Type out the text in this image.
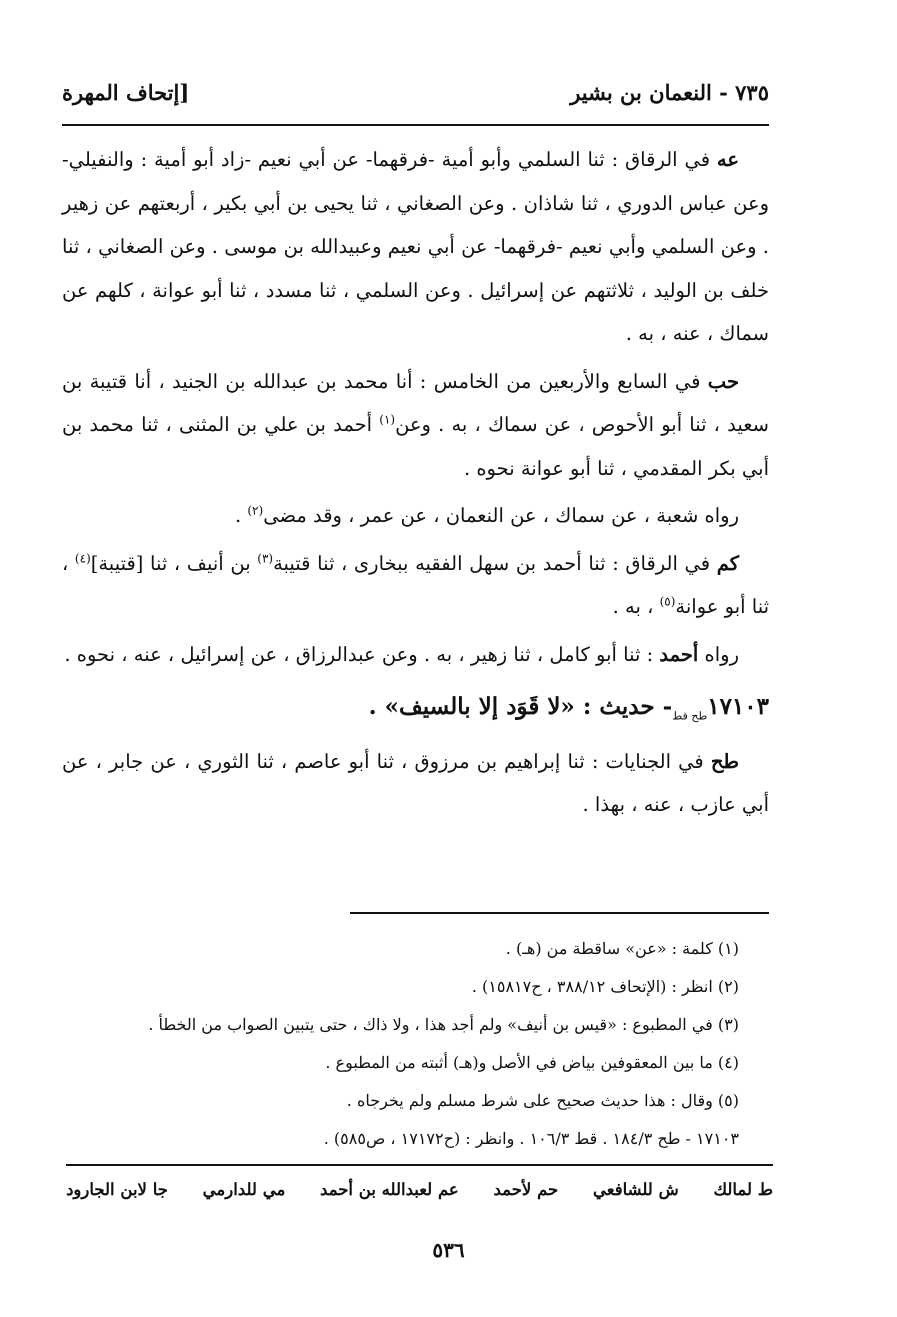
٧٣٥ - النعمان بن بشير
[إتحاف المهرة

عه في الرقاق : ثنا السلمي وأبو أمية -فرقهما- عن أبي نعيم -زاد أبو أمية : والنفيلي- وعن عباس الدوري ، ثنا شاذان . وعن الصغاني ، ثنا يحيى بن أبي بكير ، أربعتهم عن زهير . وعن السلمي وأبي نعيم -فرقهما- عن أبي نعيم وعبيدالله بن موسى . وعن الصغاني ، ثنا خلف بن الوليد ، ثلاثتهم عن إسرائيل . وعن السلمي ، ثنا مسدد ، ثنا أبو عوانة ، كلهم عن سماك ، عنه ، به .

حب في السابع والأربعين من الخامس : أنا محمد بن عبدالله بن الجنيد ، أنا قتيبة بن سعيد ، ثنا أبو الأحوص ، عن سماك ، به . وعن$^{(١)}$ أحمد بن علي بن المثنى ، ثنا محمد بن أبي بكر المقدمي ، ثنا أبو عوانة نحوه .

رواه شعبة ، عن سماك ، عن النعمان ، عن عمر ، وقد مضى$^{(٢)}$ .

كم في الرقاق : ثنا أحمد بن سهل الفقيه ببخارى ، ثنا قتيبة$^{(٣)}$ بن أنيف ، ثنا [قتيبة]$^{(٤)}$ ، ثنا أبو عوانة$^{(٥)}$ ، به .

رواه أحمد : ثنا أبو كامل ، ثنا زهير ، به . وعن عبدالرزاق ، عن إسرائيل ، عنه ، نحوه .

$١٧١٠٣_{طح قط}-$ حديث : «لا قَوَد إلا بالسيف» .

طح في الجنايات : ثنا إبراهيم بن مرزوق ، ثنا أبو عاصم ، ثنا الثوري ، عن جابر ، عن أبي عازب ، عنه ، بهذا .

(١) كلمة : «عن» ساقطة من (هـ) .

(٢) انظر : (الإتحاف ٣٨٨/١٢ ، ح١٥٨١٧) .

(٣) في المطبوع : «قيس بن أنيف» ولم أجد هذا ، ولا ذاك ، حتى يتبين الصواب من الخطأ .

(٤) ما بين المعقوفين بياض في الأصل و(هـ) أثبته من المطبوع .

(٥) وقال : هذا حديث صحيح على شرط مسلم ولم يخرجاه .

١٧١٠٣ - طح ١٨٤/٣ . قط ١٠٦/٣ . وانظر : (ح١٧١٧٢ ، ص٥٨٥) .

ط لمالك
ش للشافعي
حم لأحمد
عم لعبدالله بن أحمد
مي للدارمي
جا لابن الجارود
٥٣٦
